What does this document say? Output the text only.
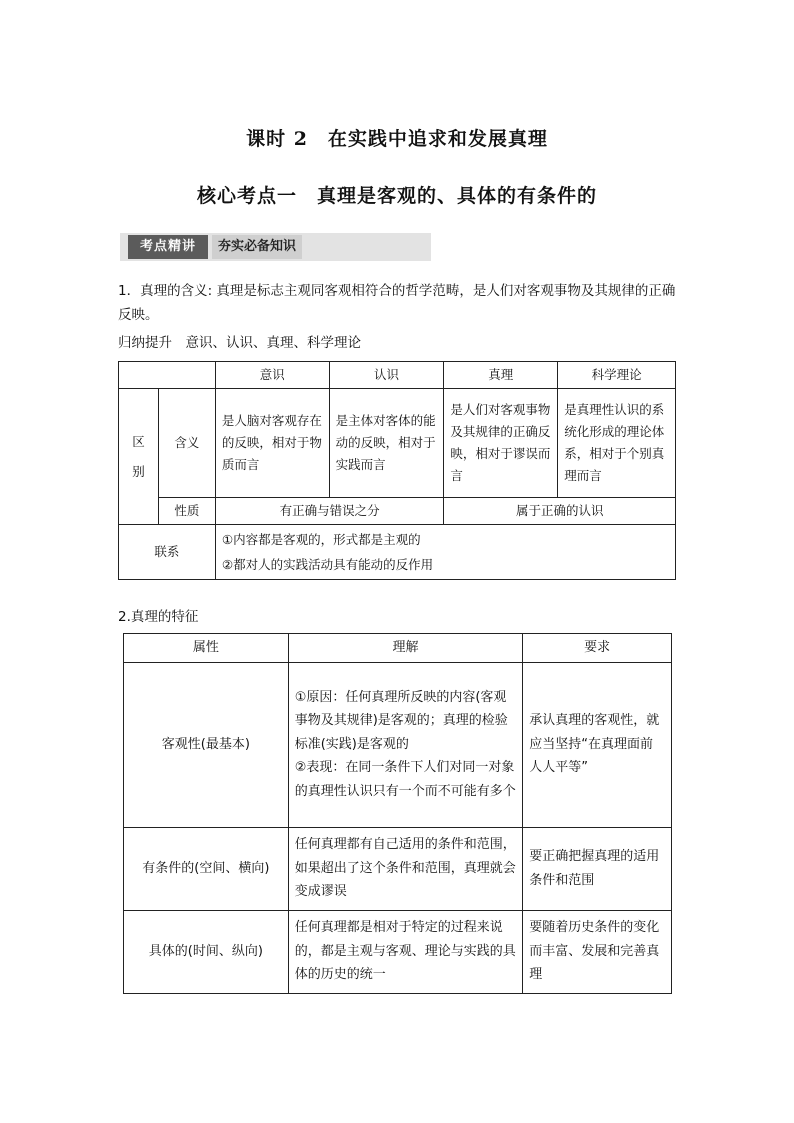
课时 2　在实践中追求和发展真理
核心考点一　真理是客观的、具体的有条件的
考点精讲	夯实必备知识
1．真理的含义: 真理是标志主观同客观相符合的哲学范畴，是人们对客观事物及其规律的正确反映。
归纳提升　意识、认识、真理、科学理论
		意识	认识	真理	科学理论
区
别	含义	是人脑对客观存在的反映，相对于物质而言	是主体对客体的能动的反映，相对于实践而言	是人们对客观事物及其规律的正确反映，相对于谬误而言	是真理性认识的系统化形成的理论体系，相对于个别真理而言
	性质	有正确与错误之分		属于正确的认识	
联系		①内容都是客观的，形式都是主观的
②都对人的实践活动具有能动的反作用			
2.真理的特征
属性	理解	要求
客观性(最基本)	①原因：任何真理所反映的内容(客观事物及其规律)是客观的；真理的检验标准(实践)是客观的
②表现：在同一条件下人们对同一对象的真理性认识只有一个而不可能有多个	承认真理的客观性，就应当坚持“在真理面前人人平等”
有条件的(空间、横向)	任何真理都有自己适用的条件和范围，如果超出了这个条件和范围，真理就会变成谬误	要正确把握真理的适用条件和范围
具体的(时间、纵向)	任何真理都是相对于特定的过程来说的，都是主观与客观、理论与实践的具体的历史的统一	要随着历史条件的变化而丰富、发展和完善真理
